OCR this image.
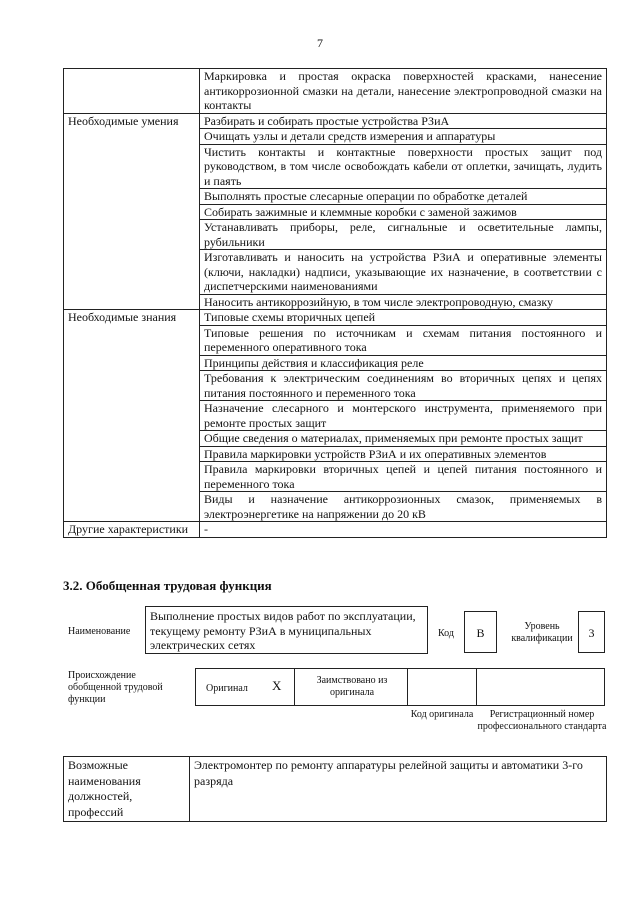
7
	Маркировка и простая окраска поверхностей красками, нанесение антикоррозионной смазки на детали, нанесение электропроводной смазки на контакты
Необходимые умения	Разбирать и собирать простые устройства РЗиА
	Очищать узлы и детали средств измерения и аппаратуры
	Чистить контакты и контактные поверхности простых защит под руководством, в том числе освобождать кабели от оплетки, зачищать, лудить и паять
	Выполнять простые слесарные операции по обработке деталей
	Собирать зажимные и клеммные коробки с заменой зажимов
	Устанавливать приборы, реле, сигнальные и осветительные лампы, рубильники
	Изготавливать и наносить на устройства РЗиА и оперативные элементы (ключи, накладки) надписи, указывающие их назначение, в соответствии с диспетчерскими наименованиями
	Наносить антикоррозийную, в том числе электропроводную, смазку
Необходимые знания	Типовые схемы вторичных цепей
	Типовые решения по источникам и схемам питания постоянного и переменного оперативного тока
	Принципы действия и классификация реле
	Требования к электрическим соединениям во вторичных цепях и цепях питания постоянного и переменного тока
	Назначение слесарного и монтерского инструмента, применяемого при ремонте простых защит
	Общие сведения о материалах, применяемых при ремонте простых защит
	Правила маркировки устройств РЗиА и их оперативных элементов
	Правила маркировки вторичных цепей и цепей питания постоянного и переменного тока
	Виды и назначение антикоррозионных смазок, применяемых в электроэнергетике на напряжении до 20 кВ
Другие характеристики	-
3.2. Обобщенная трудовая функция
Наименование
Выполнение простых видов работ по эксплуатации, текущему ремонту РЗиА в муниципальных электрических сетях
Код	В	Уровень квалификации	3
Происхождение обобщенной трудовой функции
Оригинал X	Заимствовано из оригинала
Код оригинала	Регистрационный номер профессионального стандарта
Возможные наименования должностей, профессий	Электромонтер по ремонту аппаратуры релейной защиты и автоматики 3-го разряда
